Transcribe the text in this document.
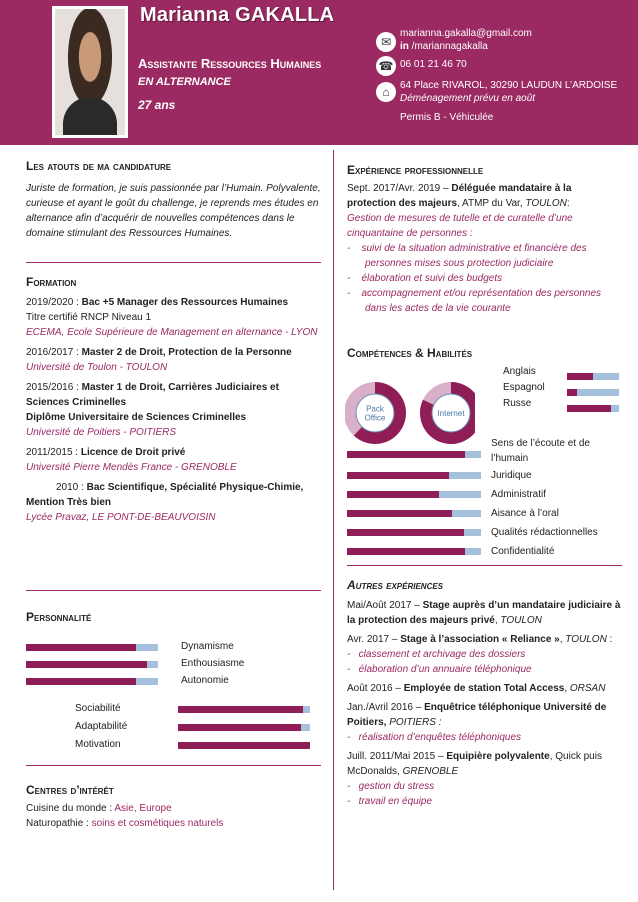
Marianna GAKALLA
Assistante Ressources Humaines
EN ALTERNANCE
27 ans
✉
marianna.gakalla@gmail.com
in /mariannagakalla
☎ 06 01 21 46 70
⌂	64 Place RIVAROL, 30290 LAUDUN L’ARDOISE
Déménagement prévu en août
Permis B - Véhiculée
Les atouts de ma candidature
Juriste de formation, je suis passionnée par l’Humain. Polyvalente, curieuse et ayant le goût du challenge, je reprends mes études en alternance afin d’acquérir de nouvelles compétences dans le domaine stimulant des Ressources Humaines.
Formation
2019/2020 : Bac +5 Manager des Ressources Humaines
Titre certifié RNCP Niveau 1
ECEMA, Ecole Supérieure de Management en alternance - LYON
2016/2017 : Master 2 de Droit, Protection de la Personne
Université de Toulon - TOULON
2015/2016 : Master 1 de Droit, Carrières Judiciaires et Sciences Criminelles
Diplôme Universitaire de Sciences Criminelles
Université de Poitiers - POITIERS
2011/2015 : Licence de Droit privé
Université Pierre Mendès France - GRENOBLE
2010 : Bac Scientifique, Spécialité Physique-Chimie, Mention Très bien
Lycée Pravaz, LE PONT-DE-BEAUVOISIN
Personnalité
Dynamisme
Enthousiasme
Autonomie
Sociabilité
Adaptabilité
Motivation
Centres d’intérêt
Cuisine du monde : Asie, Europe
Naturopathie : soins et cosmétiques naturels
Expérience professionnelle
Sept. 2017/Avr. 2019 – Déléguée mandataire à la protection des majeurs, ATMP du Var, TOULON:
Gestion de mesures de tutelle et de curatelle d’une cinquantaine de personnes :
-    suivi de la situation administrative et financière des personnes mises sous protection judiciaire
-    élaboration et suivi des budgets
-    accompagnement et/ou représentation des personnes dans les actes de la vie courante
Compétences & Habilités
Pack
Office	Internet
Anglais
Espagnol
Russe
Sens de l’écoute et de l’humain
Juridique
Administratif
Aisance à l’oral
Qualités rédactionnelles
Confidentialité
Autres expériences
Mai/Août 2017 – Stage auprès d’un mandataire judiciaire à la protection des majeurs privé, TOULON
Avr. 2017 – Stage à l’association « Reliance », TOULON :
-   classement et archivage des dossiers
-   élaboration d’un annuaire téléphonique
Août 2016 – Employée de station Total Access, ORSAN
Jan./Avril 2016 – Enquêtrice téléphonique Université de Poitiers, POITIERS :
-   réalisation d’enquêtes téléphoniques
Juill. 2011/Mai 2015 – Equipière polyvalente, Quick puis McDonalds, GRENOBLE
-   gestion du stress
-   travail en équipe
